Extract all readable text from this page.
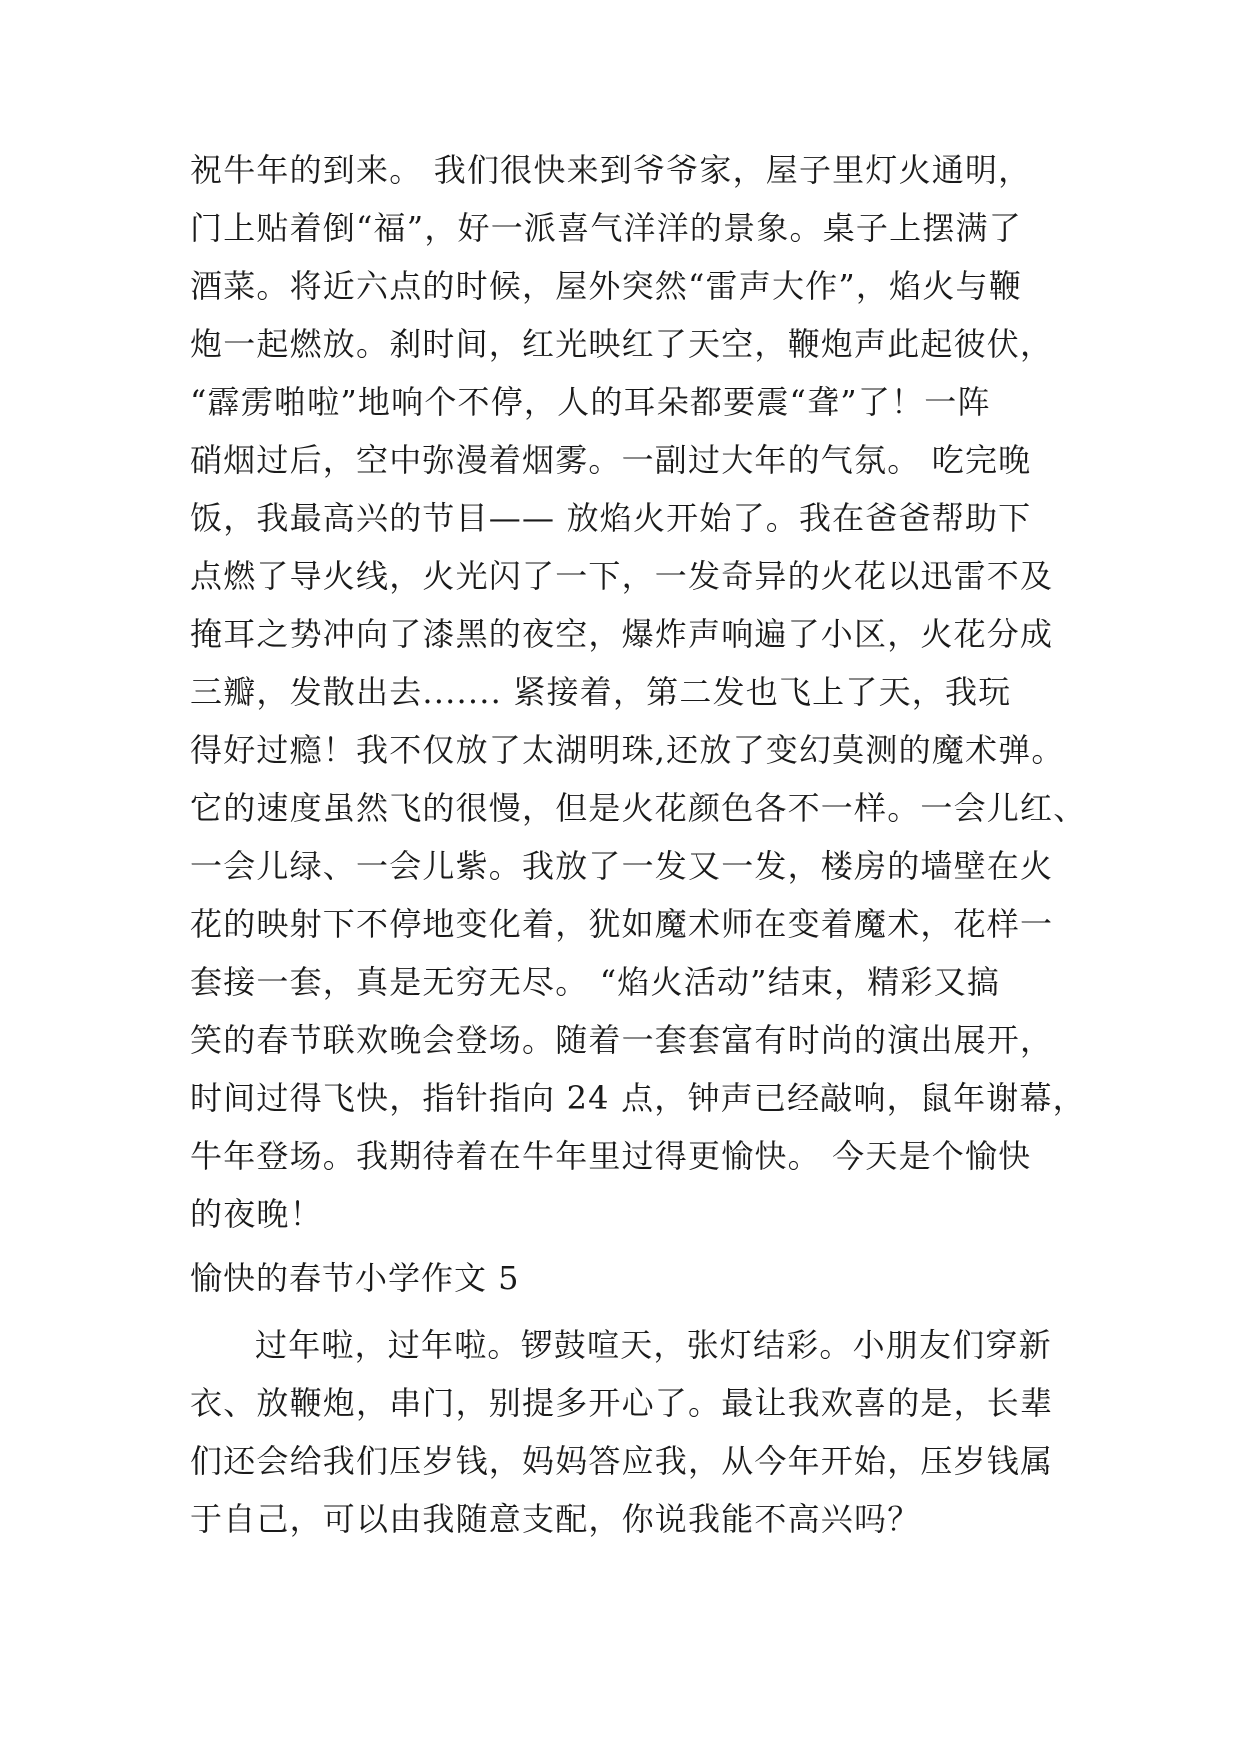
祝牛年的到来。 我们很快来到爷爷家，屋子里灯火通明，
门上贴着倒“福”，好一派喜气洋洋的景象。桌子上摆满了
酒菜。将近六点的时候，屋外突然“雷声大作”，焰火与鞭
炮一起燃放。刹时间，红光映红了天空，鞭炮声此起彼伏，
“霹雳啪啦”地响个不停，人的耳朵都要震“聋”了！一阵
硝烟过后，空中弥漫着烟雾。一副过大年的气氛。 吃完晚
饭，我最高兴的节目—— 放焰火开始了。我在爸爸帮助下
点燃了导火线，火光闪了一下，一发奇异的火花以迅雷不及
掩耳之势冲向了漆黑的夜空，爆炸声响遍了小区，火花分成
三瓣，发散出去....... 紧接着，第二发也飞上了天，我玩
得好过瘾！我不仅放了太湖明珠,还放了变幻莫测的魔术弹。
它的速度虽然飞的很慢，但是火花颜色各不一样。一会儿红、
一会儿绿、一会儿紫。我放了一发又一发，楼房的墙壁在火
花的映射下不停地变化着，犹如魔术师在变着魔术，花样一
套接一套，真是无穷无尽。 “焰火活动”结束，精彩又搞
笑的春节联欢晚会登场。随着一套套富有时尚的演出展开，
时间过得飞快，指针指向 24 点，钟声已经敲响，鼠年谢幕，
牛年登场。我期待着在牛年里过得更愉快。 今天是个愉快
的夜晚！
愉快的春节小学作文 5
过年啦，过年啦。锣鼓喧天，张灯结彩。小朋友们穿新
衣、放鞭炮，串门，别提多开心了。最让我欢喜的是，长辈
们还会给我们压岁钱，妈妈答应我，从今年开始，压岁钱属
于自己，可以由我随意支配，你说我能不高兴吗？
